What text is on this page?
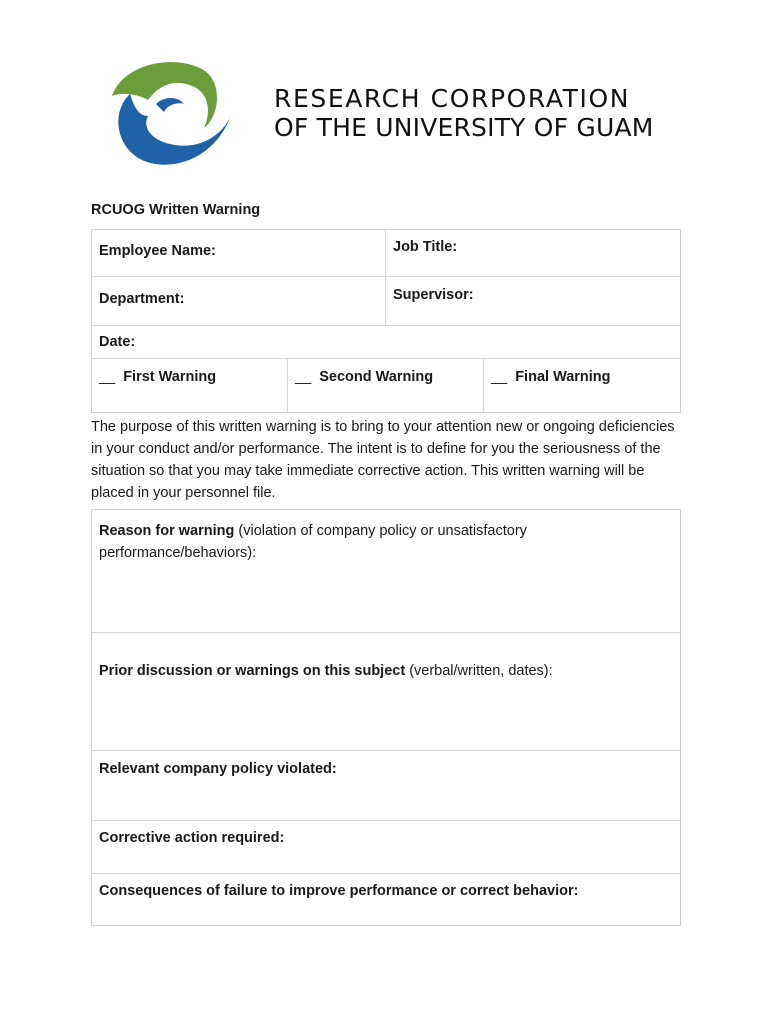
RESEARCH CORPORATION
OF THE UNIVERSITY OF GUAM
RCUOG Written Warning
Employee Name:	Job Title:
Department:	Supervisor:
Date:
__ First Warning	__ Second Warning	__ Final Warning
The purpose of this written warning is to bring to your attention new or ongoing deficiencies in your conduct and/or performance. The intent is to define for you the seriousness of the situation so that you may take immediate corrective action. This written warning will be placed in your personnel file.
Reason for warning (violation of company policy or unsatisfactory performance/behaviors):
Prior discussion or warnings on this subject (verbal/written, dates):
Relevant company policy violated:
Corrective action required:
Consequences of failure to improve performance or correct behavior:
